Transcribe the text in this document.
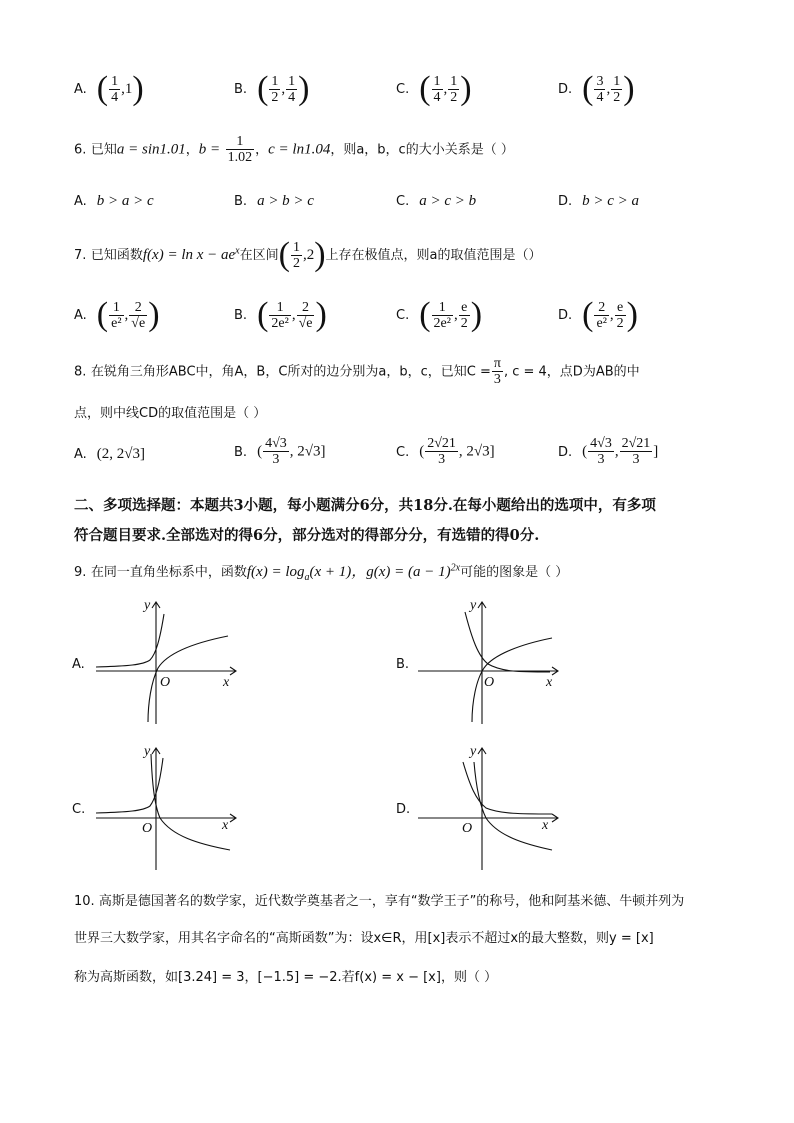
A. ( $\frac{1}{4} ,1$)	B. ( $\frac{1}{2}$ , $\frac{1}{4}$ )	C. ( $\frac{1}{4}$ , $\frac{1}{2}$ )	D. ( $\frac{3}{4}$ , $\frac{1}{2}$ )
6. 已知a = sin1.01，$b = \frac{1}{1.02}$ ，c = ln1.04，则a，b，c的大小关系是（ ）
A. b > a > c	B. a > b > c	C. a > c > b	D. b > c > a
7. 已知函数$f(x) = \ln x - ae^x$在区间( $\frac{1}{2} ,2$)上存在极值点，则a的取值范围是（）
A. ( $\frac{1}{\text{e²}}$ , $\frac{2}{√e}$ )	B. ( $\frac{1}{\text{2e²}}$ , $\frac{2}{√e}$ )	C. ( $\frac{1}{\text{2e²}}$ , $\frac{e}{2}$ )	D. ( $\frac{2}{\text{e²}}$ , $\frac{e}{2}$ )
8. 在锐角三角形ABC中，角A，B，C所对的边分别为a，b，c，已知$C = \frac{\pi}{3}$ , c = 4，点D为AB的中
点，则中线CD的取值范围是（ ）
A. (2, 2√3]	B. ( $\frac{4√3}{3}$ , 2√3]	C. ( $\frac{2√21}{3}$ , 2√3]	D. ( $\frac{4√3}{3}$ , $\frac{2√21}{3}$ ]
二、多项选择题：本题共3小题，每小题满分6分，共18分.在每小题给出的选项中，有多项
符合题目要求.全部选对的得6分，部分选对的得部分分，有选错的得0分.
9. 在同一直角坐标系中，函数$f(x) = \log_a(x + 1)$，$g(x) = (a - 1)^{2x}$可能的图象是（ ）
A.
y
O	x
B.
y
O	x
C.
y
O	x
D.
y
O	x
10. 高斯是德国著名的数学家，近代数学奠基者之一，享有“数学王子”的称号，他和阿基米德、牛顿并列为
世界三大数学家，用其名字命名的“高斯函数”为：设x∈R，用[x]表示不超过x的最大整数，则y = [x]
称为高斯函数，如[3.24] = 3，[−1.5] = −2.若f(x) = x − [x]，则（ ）
